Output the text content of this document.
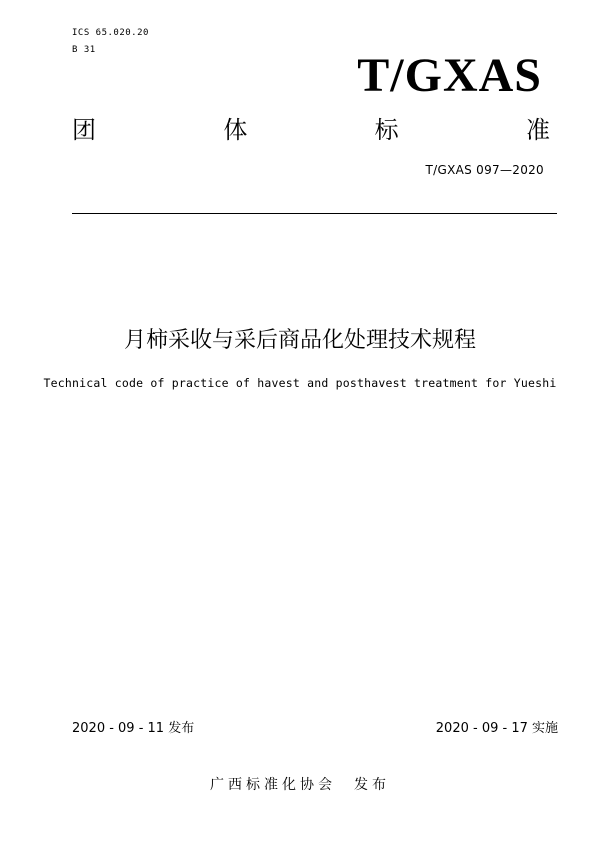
ICS 65.020.20
B 31	T/GXAS
团	体	标	准
T/GXAS 097—2020
月柿采收与采后商品化处理技术规程
Technical code of practice of havest and posthavest treatment for Yueshi
2020 - 09 - 11 发布	2020 - 09 - 17 实施
广西标准化协会　发布
